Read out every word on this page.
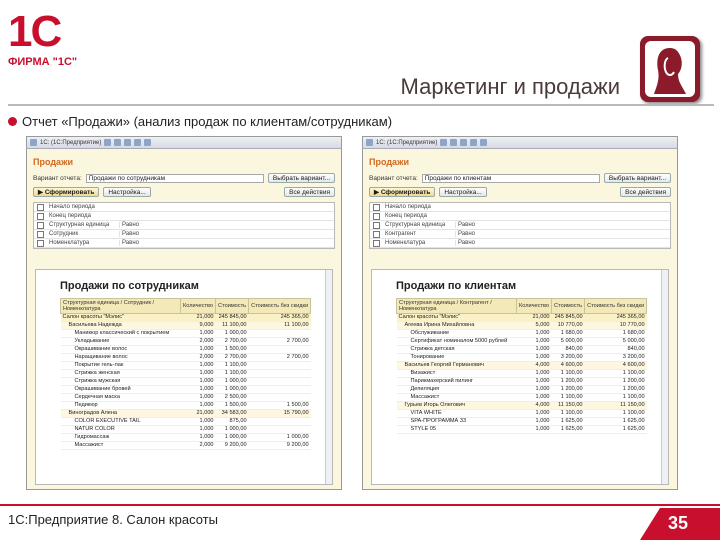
1С
ФИРМА "1С"
Маркетинг и продажи
Отчет «Продажи» (анализ продаж по клиентам/сотрудникам)
1С: (1С:Предприятие)
Продажи
Вариант отчета:	Продажи по сотрудникам	Выбрать вариант...
▶ Сформировать	Настройка...	Все действия
Начало периода
Конец периода
Структурная единица	Равно
Сотрудник	Равно
Номенклатура	Равно
Продажи по сотрудникам
Структурная единица / Сотрудник / Номенклатура	Количество	Стоимость	Стоимость без скидки
Салон красоты "Мэлис"	21,000	245 845,00	245 365,00
Васильева Надежда	9,000	11 100,00	11 100,00
Маникюр классический с покрытием	1,000	1 000,00	
Укладывание	2,000	2 700,00	2 700,00
Окрашивание волос	1,000	1 500,00	
Наращивание волос	2,000	2 700,00	2 700,00
Покрытие гель-лак	1,000	1 100,00	
Стрижка женская	1,000	1 100,00	
Стрижка мужская	1,000	1 000,00	
Окрашивание бровей	1,000	1 000,00	
Сердечная маска	1,000	2 500,00	
Педикюр	1,000	1 500,00	1 500,00
Виноградов Алена	21,000	34 583,00	15 790,00
COLOR EXECUTIVE TAIL	1,000	875,00	
NATUR COLOR	1,000	1 000,00	
Гидромассаж	1,000	1 000,00	1 000,00
Массажист	2,000	9 200,00	9 200,00
1С: (1С:Предприятие)
Продажи
Вариант отчета:	Продажи по клиентам	Выбрать вариант...
▶ Сформировать	Настройка...	Все действия
Начало периода
Конец периода
Структурная единица	Равно
Контрагент	Равно
Номенклатура	Равно
Продажи по клиентам
Структурная единица / Контрагент / Номенклатура	Количество	Стоимость	Стоимость без скидки
Салон красоты "Мэлис"	21,000	245 845,00	245 365,00
Агеева Ирина Михайловна	5,000	10 770,00	10 770,00
Обслуживание	1,000	1 680,00	1 680,00
Сертификат номиналом 5000 рублей	1,000	5 000,00	5 000,00
Стрижка детская	1,000	840,00	840,00
Тонирование	1,000	3 200,00	3 200,00
Васильев Георгий Германович	4,000	4 600,00	4 600,00
Визажист	1,000	1 100,00	1 100,00
Парикмахерский пилинг	1,000	1 200,00	1 200,00
Депиляция	1,000	1 200,00	1 200,00
Массажист	1,000	1 100,00	1 100,00
Гурьев Игорь Олегович	4,000	11 150,00	11 150,00
VITA WHITE	1,000	1 100,00	1 100,00
SPA-ПРОГРАММА 33	1,000	1 625,00	1 625,00
STYLE 05	1,000	1 625,00	1 625,00
1С:Предприятие 8. Салон красоты	35
